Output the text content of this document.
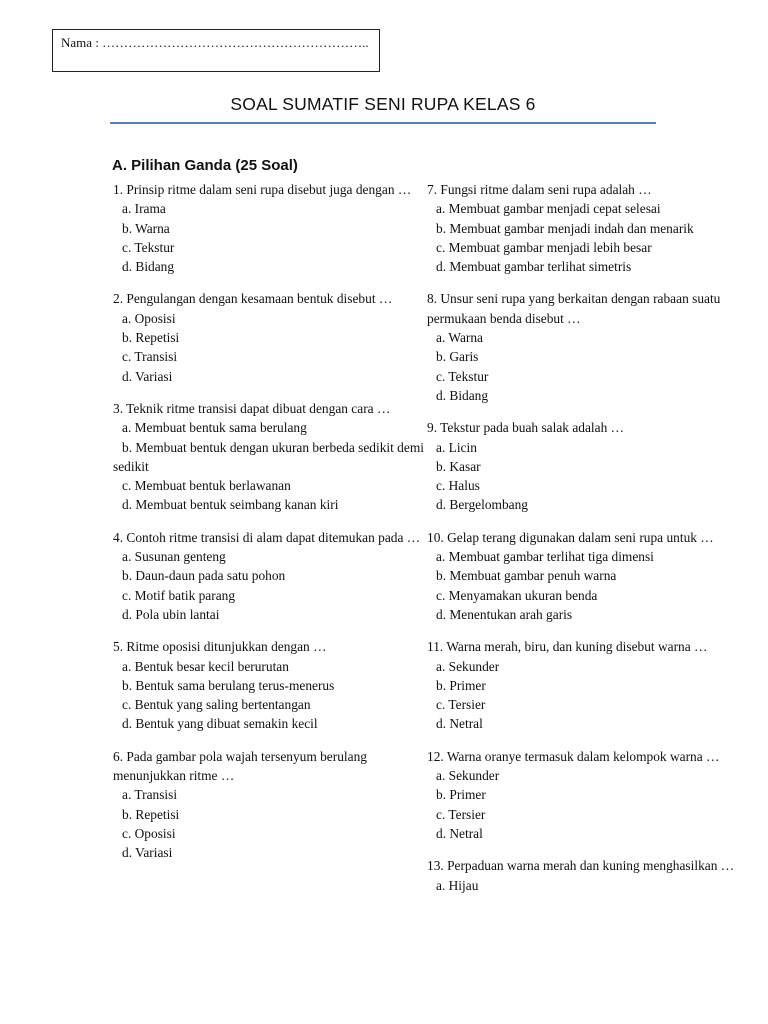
Nama : ……………………………………………………..
SOAL SUMATIF SENI RUPA KELAS 6
A. Pilihan Ganda (25 Soal)
1. Prinsip ritme dalam seni rupa disebut juga dengan …
a. Irama
b. Warna
c. Tekstur
d. Bidang
2. Pengulangan dengan kesamaan bentuk disebut …
a. Oposisi
b. Repetisi
c. Transisi
d. Variasi
3. Teknik ritme transisi dapat dibuat dengan cara …
a. Membuat bentuk sama berulang
b. Membuat bentuk dengan ukuran berbeda sedikit demi sedikit
c. Membuat bentuk berlawanan
d. Membuat bentuk seimbang kanan kiri
4. Contoh ritme transisi di alam dapat ditemukan pada …
a. Susunan genteng
b. Daun-daun pada satu pohon
c. Motif batik parang
d. Pola ubin lantai
5. Ritme oposisi ditunjukkan dengan …
a. Bentuk besar kecil berurutan
b. Bentuk sama berulang terus-menerus
c. Bentuk yang saling bertentangan
d. Bentuk yang dibuat semakin kecil
6. Pada gambar pola wajah tersenyum berulang menunjukkan ritme …
a. Transisi
b. Repetisi
c. Oposisi
d. Variasi
7. Fungsi ritme dalam seni rupa adalah …
a. Membuat gambar menjadi cepat selesai
b. Membuat gambar menjadi indah dan menarik
c. Membuat gambar menjadi lebih besar
d. Membuat gambar terlihat simetris
8. Unsur seni rupa yang berkaitan dengan rabaan suatu permukaan benda disebut …
a. Warna
b. Garis
c. Tekstur
d. Bidang
9. Tekstur pada buah salak adalah …
a. Licin
b. Kasar
c. Halus
d. Bergelombang
10. Gelap terang digunakan dalam seni rupa untuk …
a. Membuat gambar terlihat tiga dimensi
b. Membuat gambar penuh warna
c. Menyamakan ukuran benda
d. Menentukan arah garis
11. Warna merah, biru, dan kuning disebut warna …
a. Sekunder
b. Primer
c. Tersier
d. Netral
12. Warna oranye termasuk dalam kelompok warna …
a. Sekunder
b. Primer
c. Tersier
d. Netral
13. Perpaduan warna merah dan kuning menghasilkan …
a. Hijau
